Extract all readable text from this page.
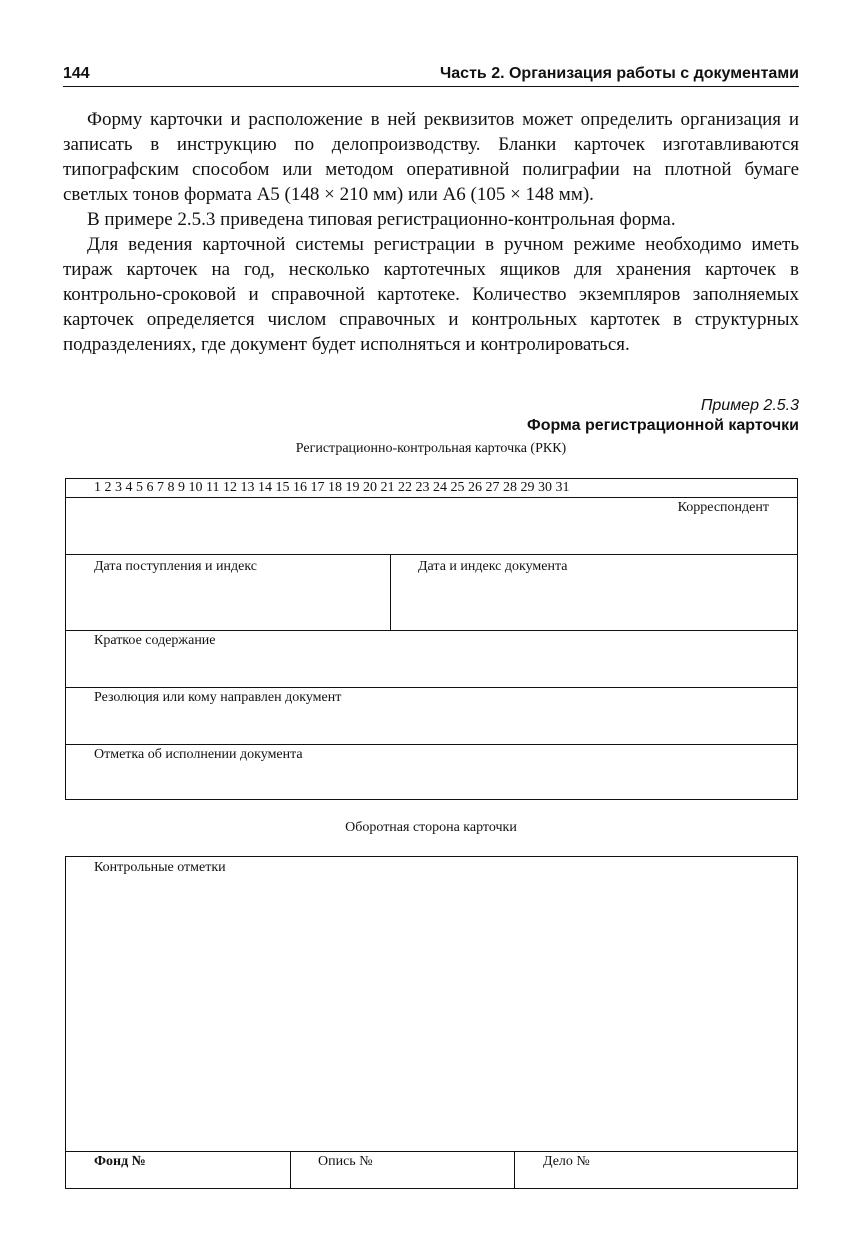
144	Часть 2. Организация работы с документами

Форму карточки и расположение в ней реквизитов может определить организация и записать в инструкцию по делопроизводству. Бланки карточек изготавливаются типографским способом или методом оперативной полиграфии на плотной бумаге светлых тонов формата А5 (148 × 210 мм) или А6 (105 × 148 мм).

В примере 2.5.3 приведена типовая регистрационно-контрольная форма.

Для ведения карточной системы регистрации в ручном режиме необходимо иметь тираж карточек на год, несколько картотечных ящиков для хранения карточек в контрольно-сроковой и справочной картотеке. Количество экземпляров заполняемых карточек определяется числом справочных и контрольных картотек в структурных подразделениях, где документ будет исполняться и контролироваться.

Пример 2.5.3
Форма регистрационной карточки
Регистрационно-контрольная карточка (РКК)
1 2 3 4 5 6 7 8 9 10 11 12 13 14 15 16 17 18 19 20 21 22 23 24 25 26 27 28 29 30 31
Корреспондент
Дата поступления и индекс	Дата и индекс документа
Краткое содержание
Резолюция или кому направлен документ
Отметка об исполнении документа
Оборотная сторона карточки
Контрольные отметки
Фонд №	Опись №	Дело №
